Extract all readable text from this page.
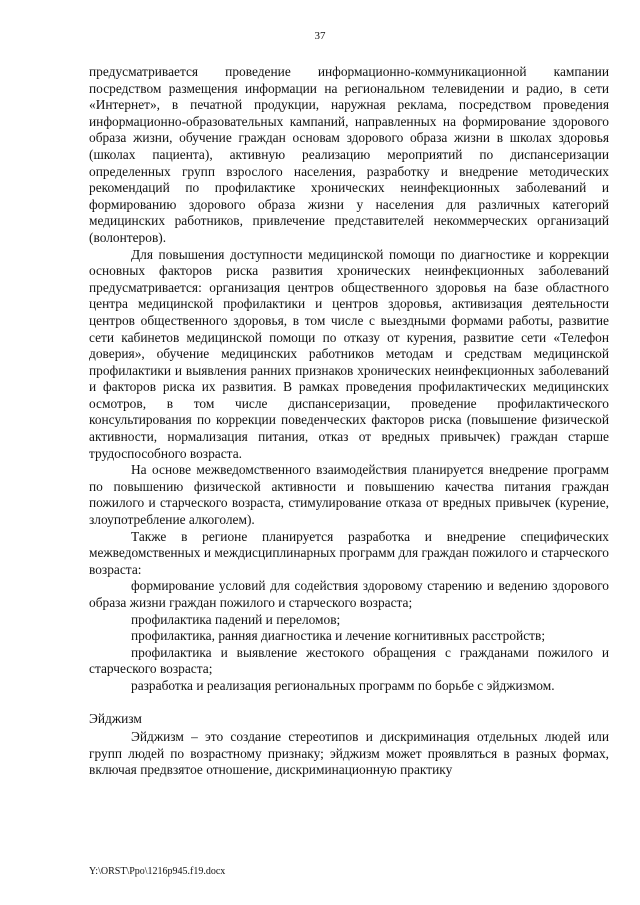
37

предусматривается проведение информационно-коммуникационной кампании посредством размещения информации на региональном телевидении и радио, в сети «Интернет», в печатной продукции, наружная реклама, посредством проведения информационно-образовательных кампаний, направленных на формирование здорового образа жизни, обучение граждан основам здорового образа жизни в школах здоровья (школах пациента), активную реализацию мероприятий по диспансеризации определенных групп взрослого населения, разработку и внедрение методических рекомендаций по профилактике хронических неинфекционных заболеваний и формированию здорового образа жизни у населения для различных категорий медицинских работников, привлечение представителей некоммерческих организаций (волонтеров).

Для повышения доступности медицинской помощи по диагностике и коррекции основных факторов риска развития хронических неинфекционных заболеваний предусматривается: организация центров общественного здоровья на базе областного центра медицинской профилактики и центров здоровья, активизация деятельности центров общественного здоровья, в том числе с выездными формами работы, развитие сети кабинетов медицинской помощи по отказу от курения, развитие сети «Телефон доверия», обучение медицинских работников методам и средствам медицинской профилактики и выявления ранних признаков хронических неинфекционных заболеваний и факторов риска их развития. В рамках проведения профилактических медицинских осмотров, в том числе диспансеризации, проведение профилактического консультирования по коррекции поведенческих факторов риска (повышение физической активности, нормализация питания, отказ от вредных привычек) граждан старше трудоспособного возраста.

На основе межведомственного взаимодействия планируется внедрение программ по повышению физической активности и повышению качества питания граждан пожилого и старческого возраста, стимулирование отказа от вредных привычек (курение, злоупотребление алкоголем).

Также в регионе планируется разработка и внедрение специфических межведомственных и междисциплинарных программ для граждан пожилого и старческого возраста:

формирование условий для содействия здоровому старению и ведению здорового образа жизни граждан пожилого и старческого возраста;

профилактика падений и переломов;

профилактика, ранняя диагностика и лечение когнитивных расстройств;

профилактика и выявление жестокого обращения с гражданами пожилого и старческого возраста;

разработка и реализация региональных программ по борьбе с эйджизмом.

Эйджизм

Эйджизм – это создание стереотипов и дискриминация отдельных людей или групп людей по возрастному признаку; эйджизм может проявляться в разных формах, включая предвзятое отношение, дискриминационную практику

Y:\ORST\Ppo\1216p945.f19.docx
